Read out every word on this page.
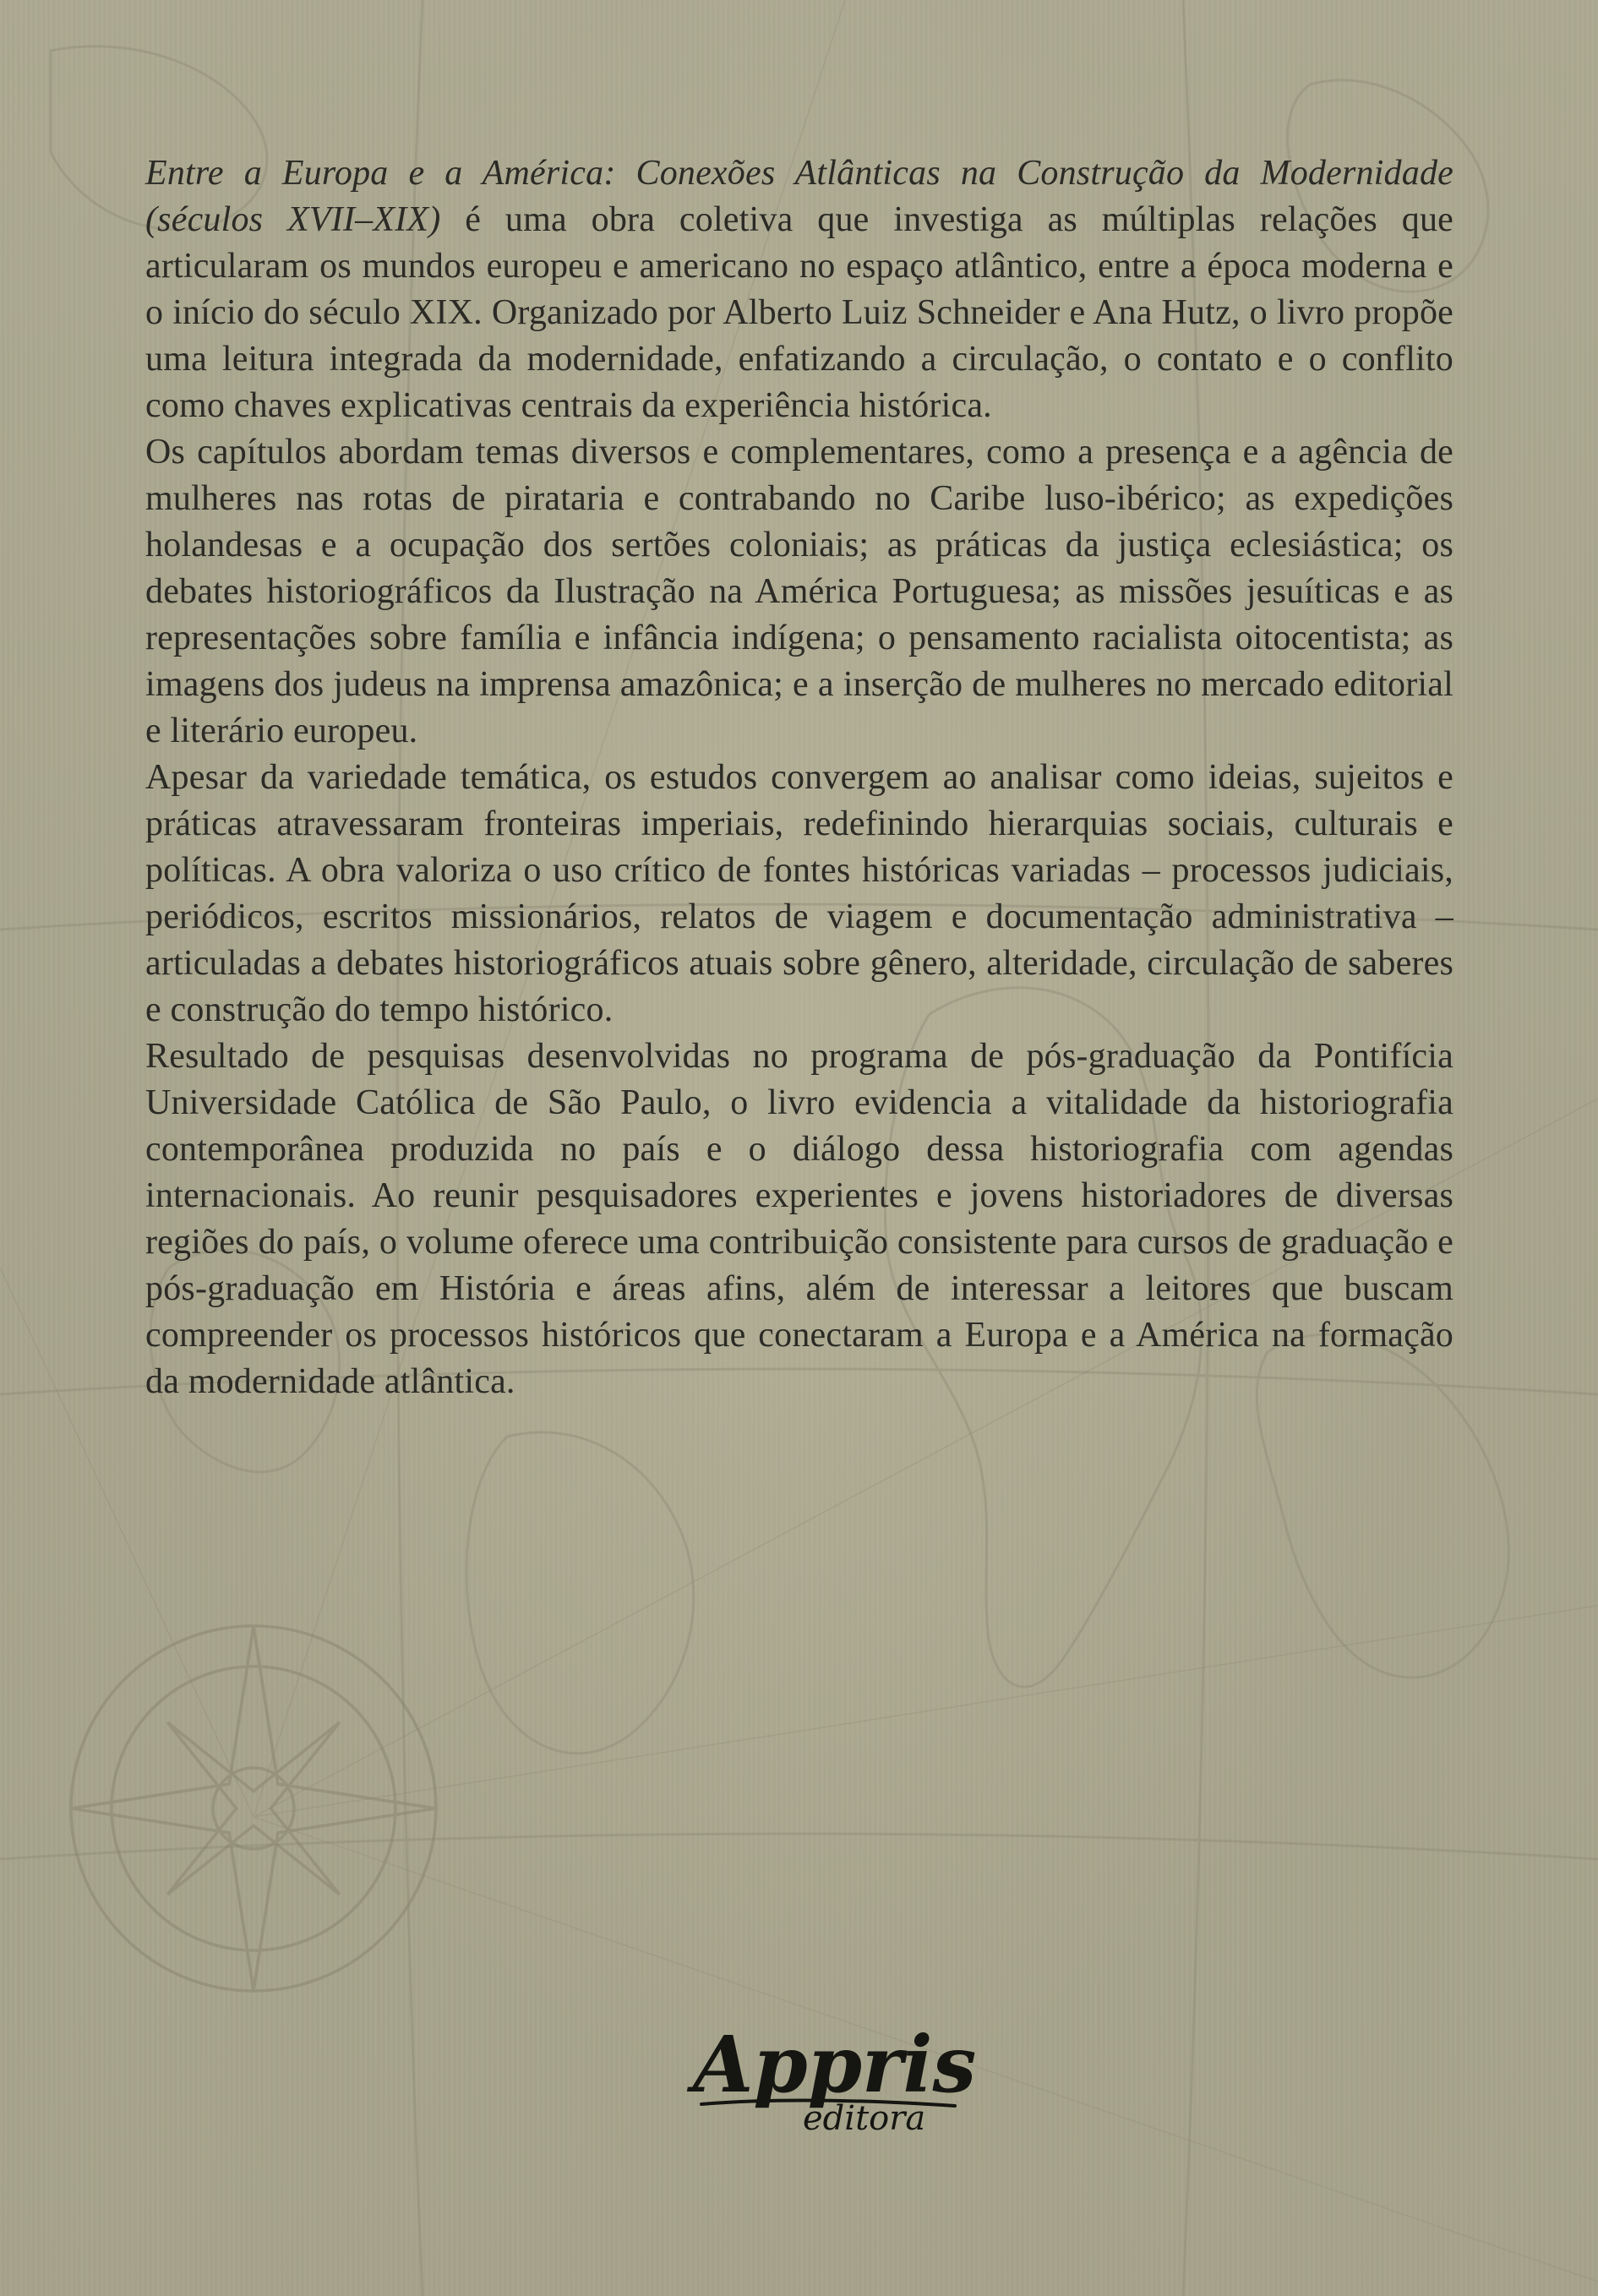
Entre a Europa e a América: Conexões Atlânticas na Construção da Modernidade (séculos XVII–XIX) é uma obra coletiva que investiga as múltiplas relações que articularam os mundos europeu e americano no espaço atlântico, entre a época moderna e o início do século XIX. Organizado por Alberto Luiz Schneider e Ana Hutz, o livro propõe uma leitura integrada da modernidade, enfatizando a circulação, o contato e o conflito como chaves explicativas centrais da experiência histórica.

Os capítulos abordam temas diversos e complementares, como a presença e a agência de mulheres nas rotas de pirataria e contrabando no Caribe luso-ibérico; as expedições holandesas e a ocupação dos sertões coloniais; as práticas da justiça eclesiástica; os debates historiográficos da Ilustração na América Portuguesa; as missões jesuíticas e as representações sobre família e infância indígena; o pensamento racialista oitocentista; as imagens dos judeus na imprensa amazônica; e a inserção de mulheres no mercado editorial e literário europeu.

Apesar da variedade temática, os estudos convergem ao analisar como ideias, sujeitos e práticas atravessaram fronteiras imperiais, redefinindo hierarquias sociais, culturais e políticas. A obra valoriza o uso crítico de fontes históricas variadas – processos judiciais, periódicos, escritos missionários, relatos de viagem e documentação administrativa – articuladas a debates historiográficos atuais sobre gênero, alteridade, circulação de saberes e construção do tempo histórico.

Resultado de pesquisas desenvolvidas no programa de pós-graduação da Pontifícia Universidade Católica de São Paulo, o livro evidencia a vitalidade da historiografia contemporânea produzida no país e o diálogo dessa historiografia com agendas internacionais. Ao reunir pesquisadores experientes e jovens historiadores de diversas regiões do país, o volume oferece uma contribuição consistente para cursos de graduação e pós-graduação em História e áreas afins, além de interessar a leitores que buscam compreender os processos históricos que conectaram a Europa e a América na formação da modernidade atlântica.

Appris
editora
